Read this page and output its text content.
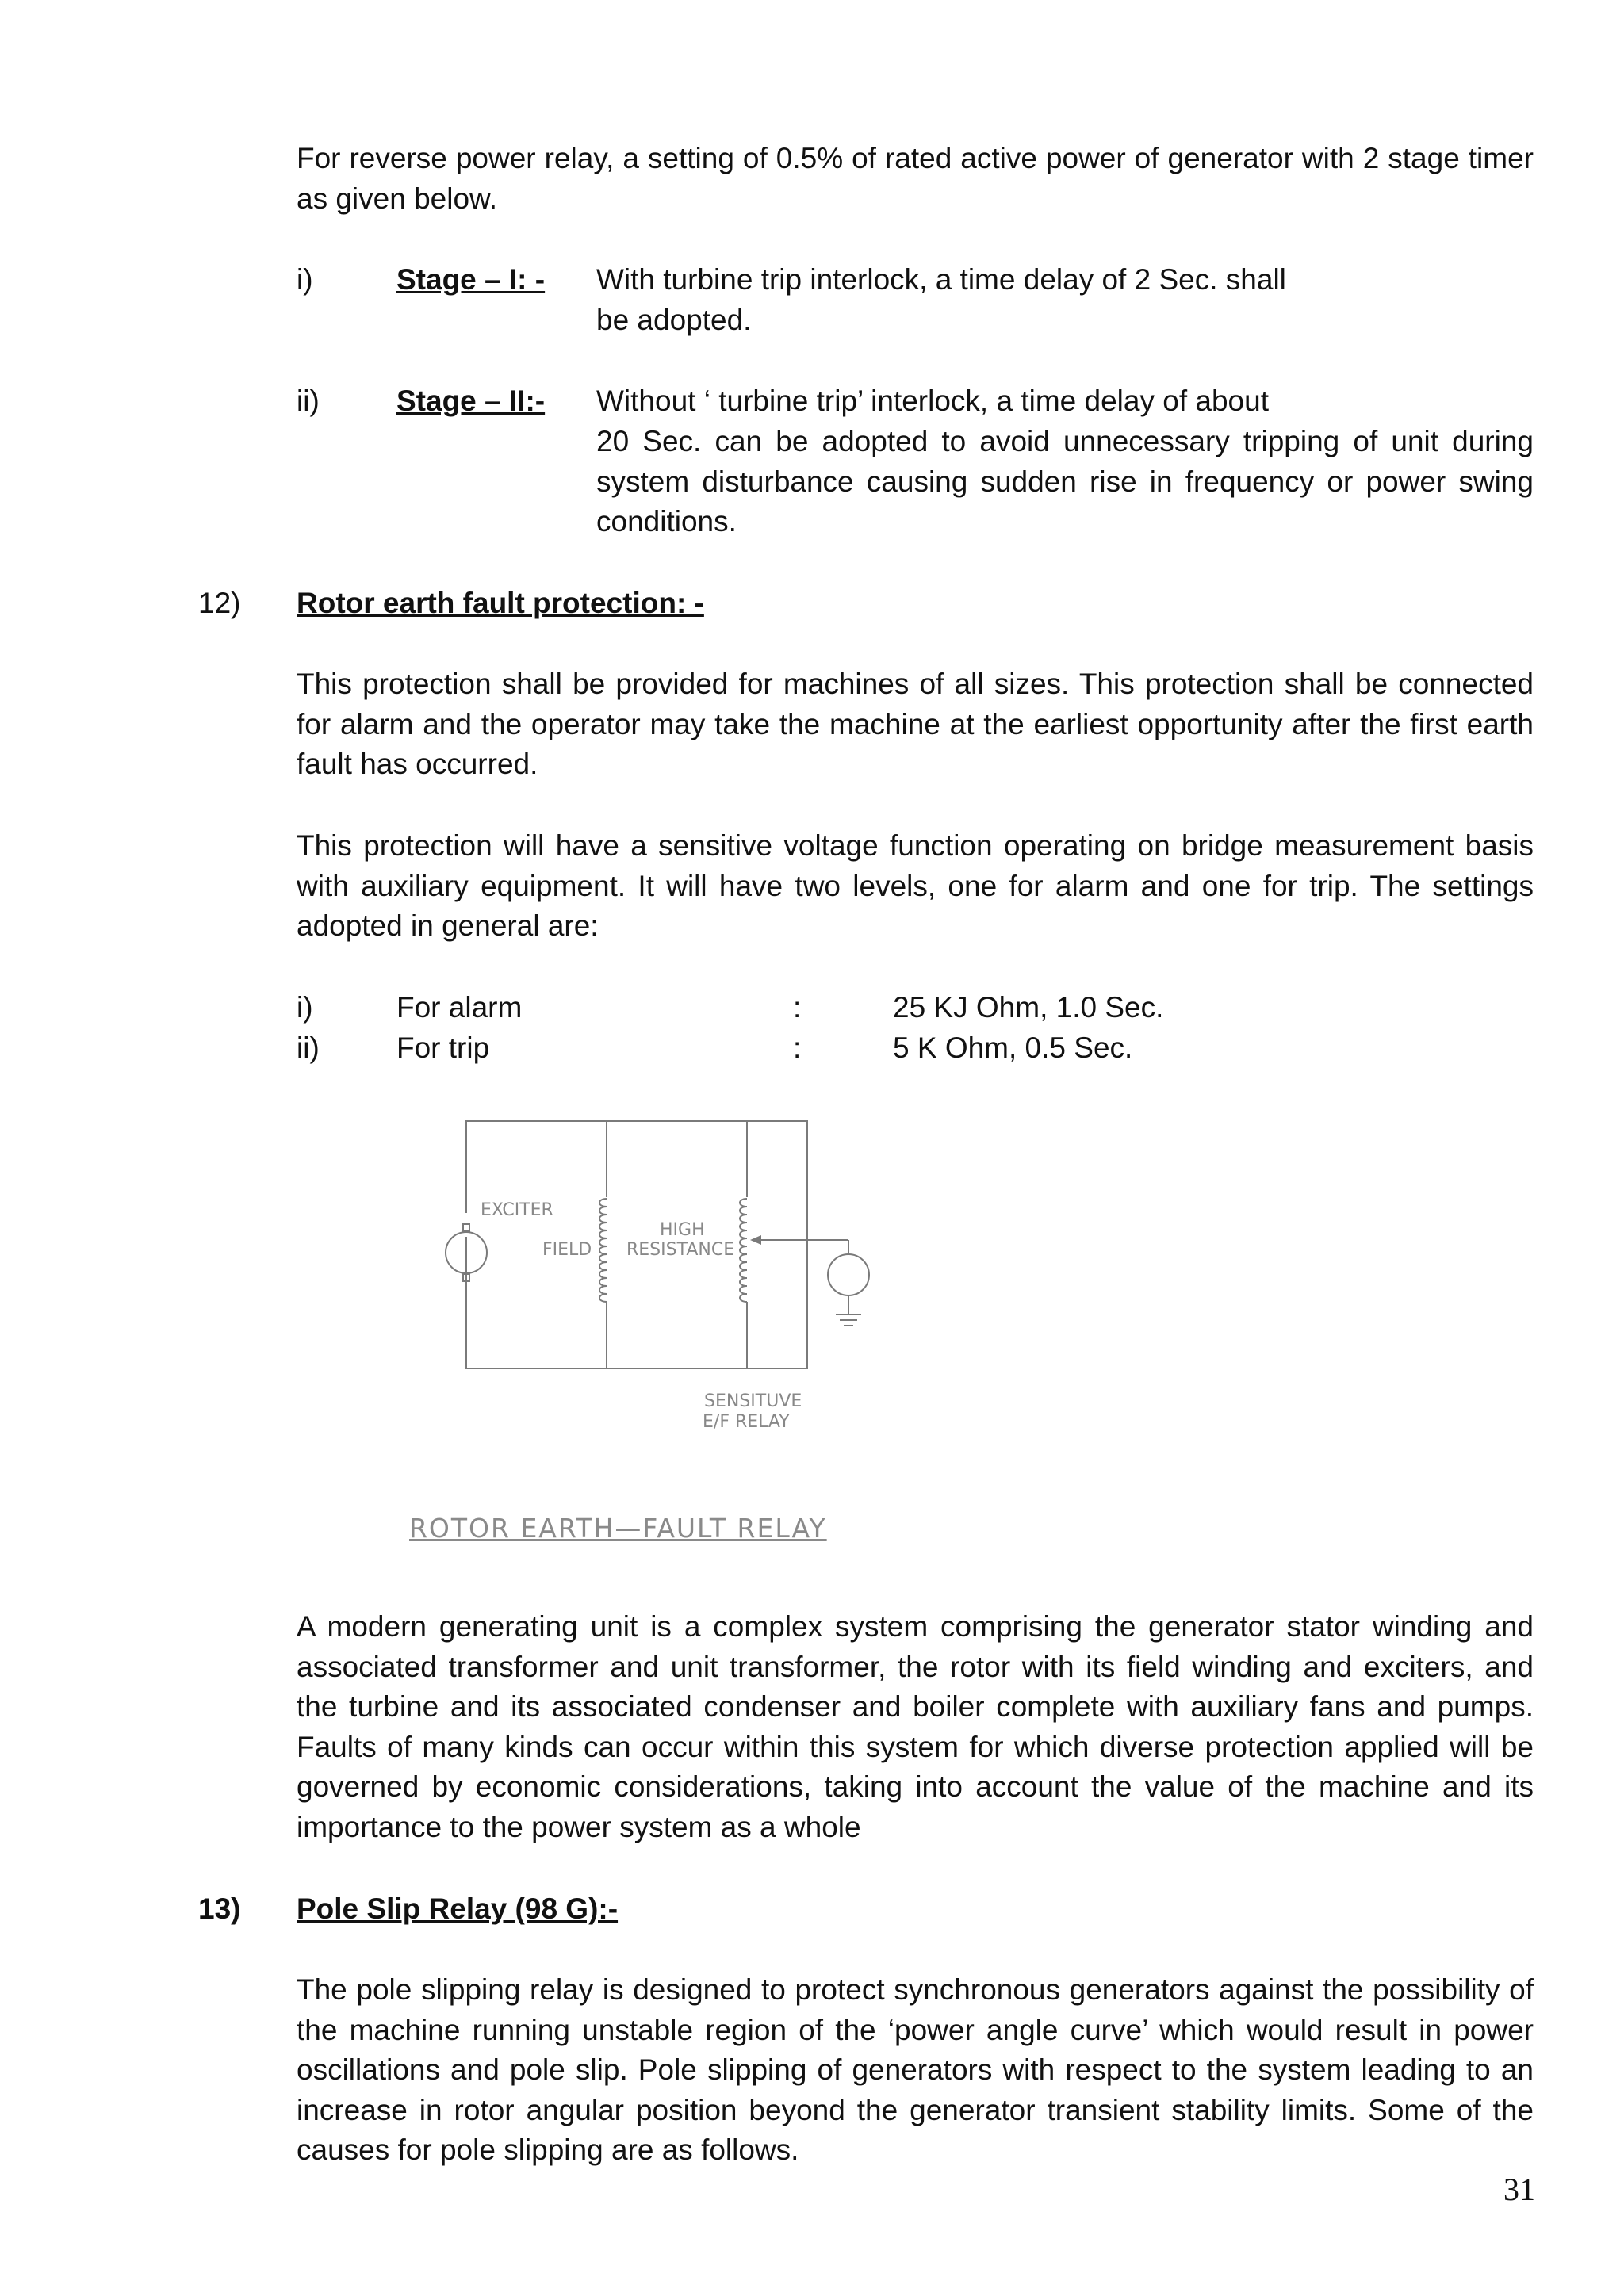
For reverse power relay, a setting of 0.5% of rated active power of generator with 2 stage timer as given below.

i)	Stage – I: - With turbine trip interlock, a time delay of 2 Sec. shall
be adopted.
ii)	Stage – II:- Without ‘ turbine trip’ interlock, a time delay of about

20 Sec. can be adopted to avoid unnecessary tripping of unit during system disturbance causing sudden rise in frequency or power swing conditions.

12) Rotor earth fault protection: -

This protection shall be provided for machines of all sizes. This protection shall be connected for alarm and the operator may take the machine at the earliest opportunity after the first earth fault has occurred.

This protection will have a sensitive voltage function operating on bridge measurement basis with auxiliary equipment. It will have two levels, one for alarm and one for trip. The settings adopted in general are:

i)	For alarm	:	25 KJ Ohm, 1.0 Sec.
ii)	For trip	:	5 K Ohm, 0.5 Sec.
EXCITER
FIELD
HIGH
RESISTANCE
SENSITUVE
E/F RELAY
ROTOR EARTH—FAULT RELAY

A modern generating unit is a complex system comprising the generator stator winding and associated transformer and unit transformer, the rotor with its field winding and exciters, and the turbine and its associated condenser and boiler complete with auxiliary fans and pumps. Faults of many kinds can occur within this system for which diverse protection applied will be governed by economic considerations, taking into account the value of the machine and its importance to the power system as a whole

13) Pole Slip Relay (98 G):-

The pole slipping relay is designed to protect synchronous generators against the possibility of the machine running unstable region of the ‘power angle curve’ which would result in power oscillations and pole slip. Pole slipping of generators with respect to the system leading to an increase in rotor angular position beyond the generator transient stability limits. Some of the causes for pole slipping are as follows.

31
